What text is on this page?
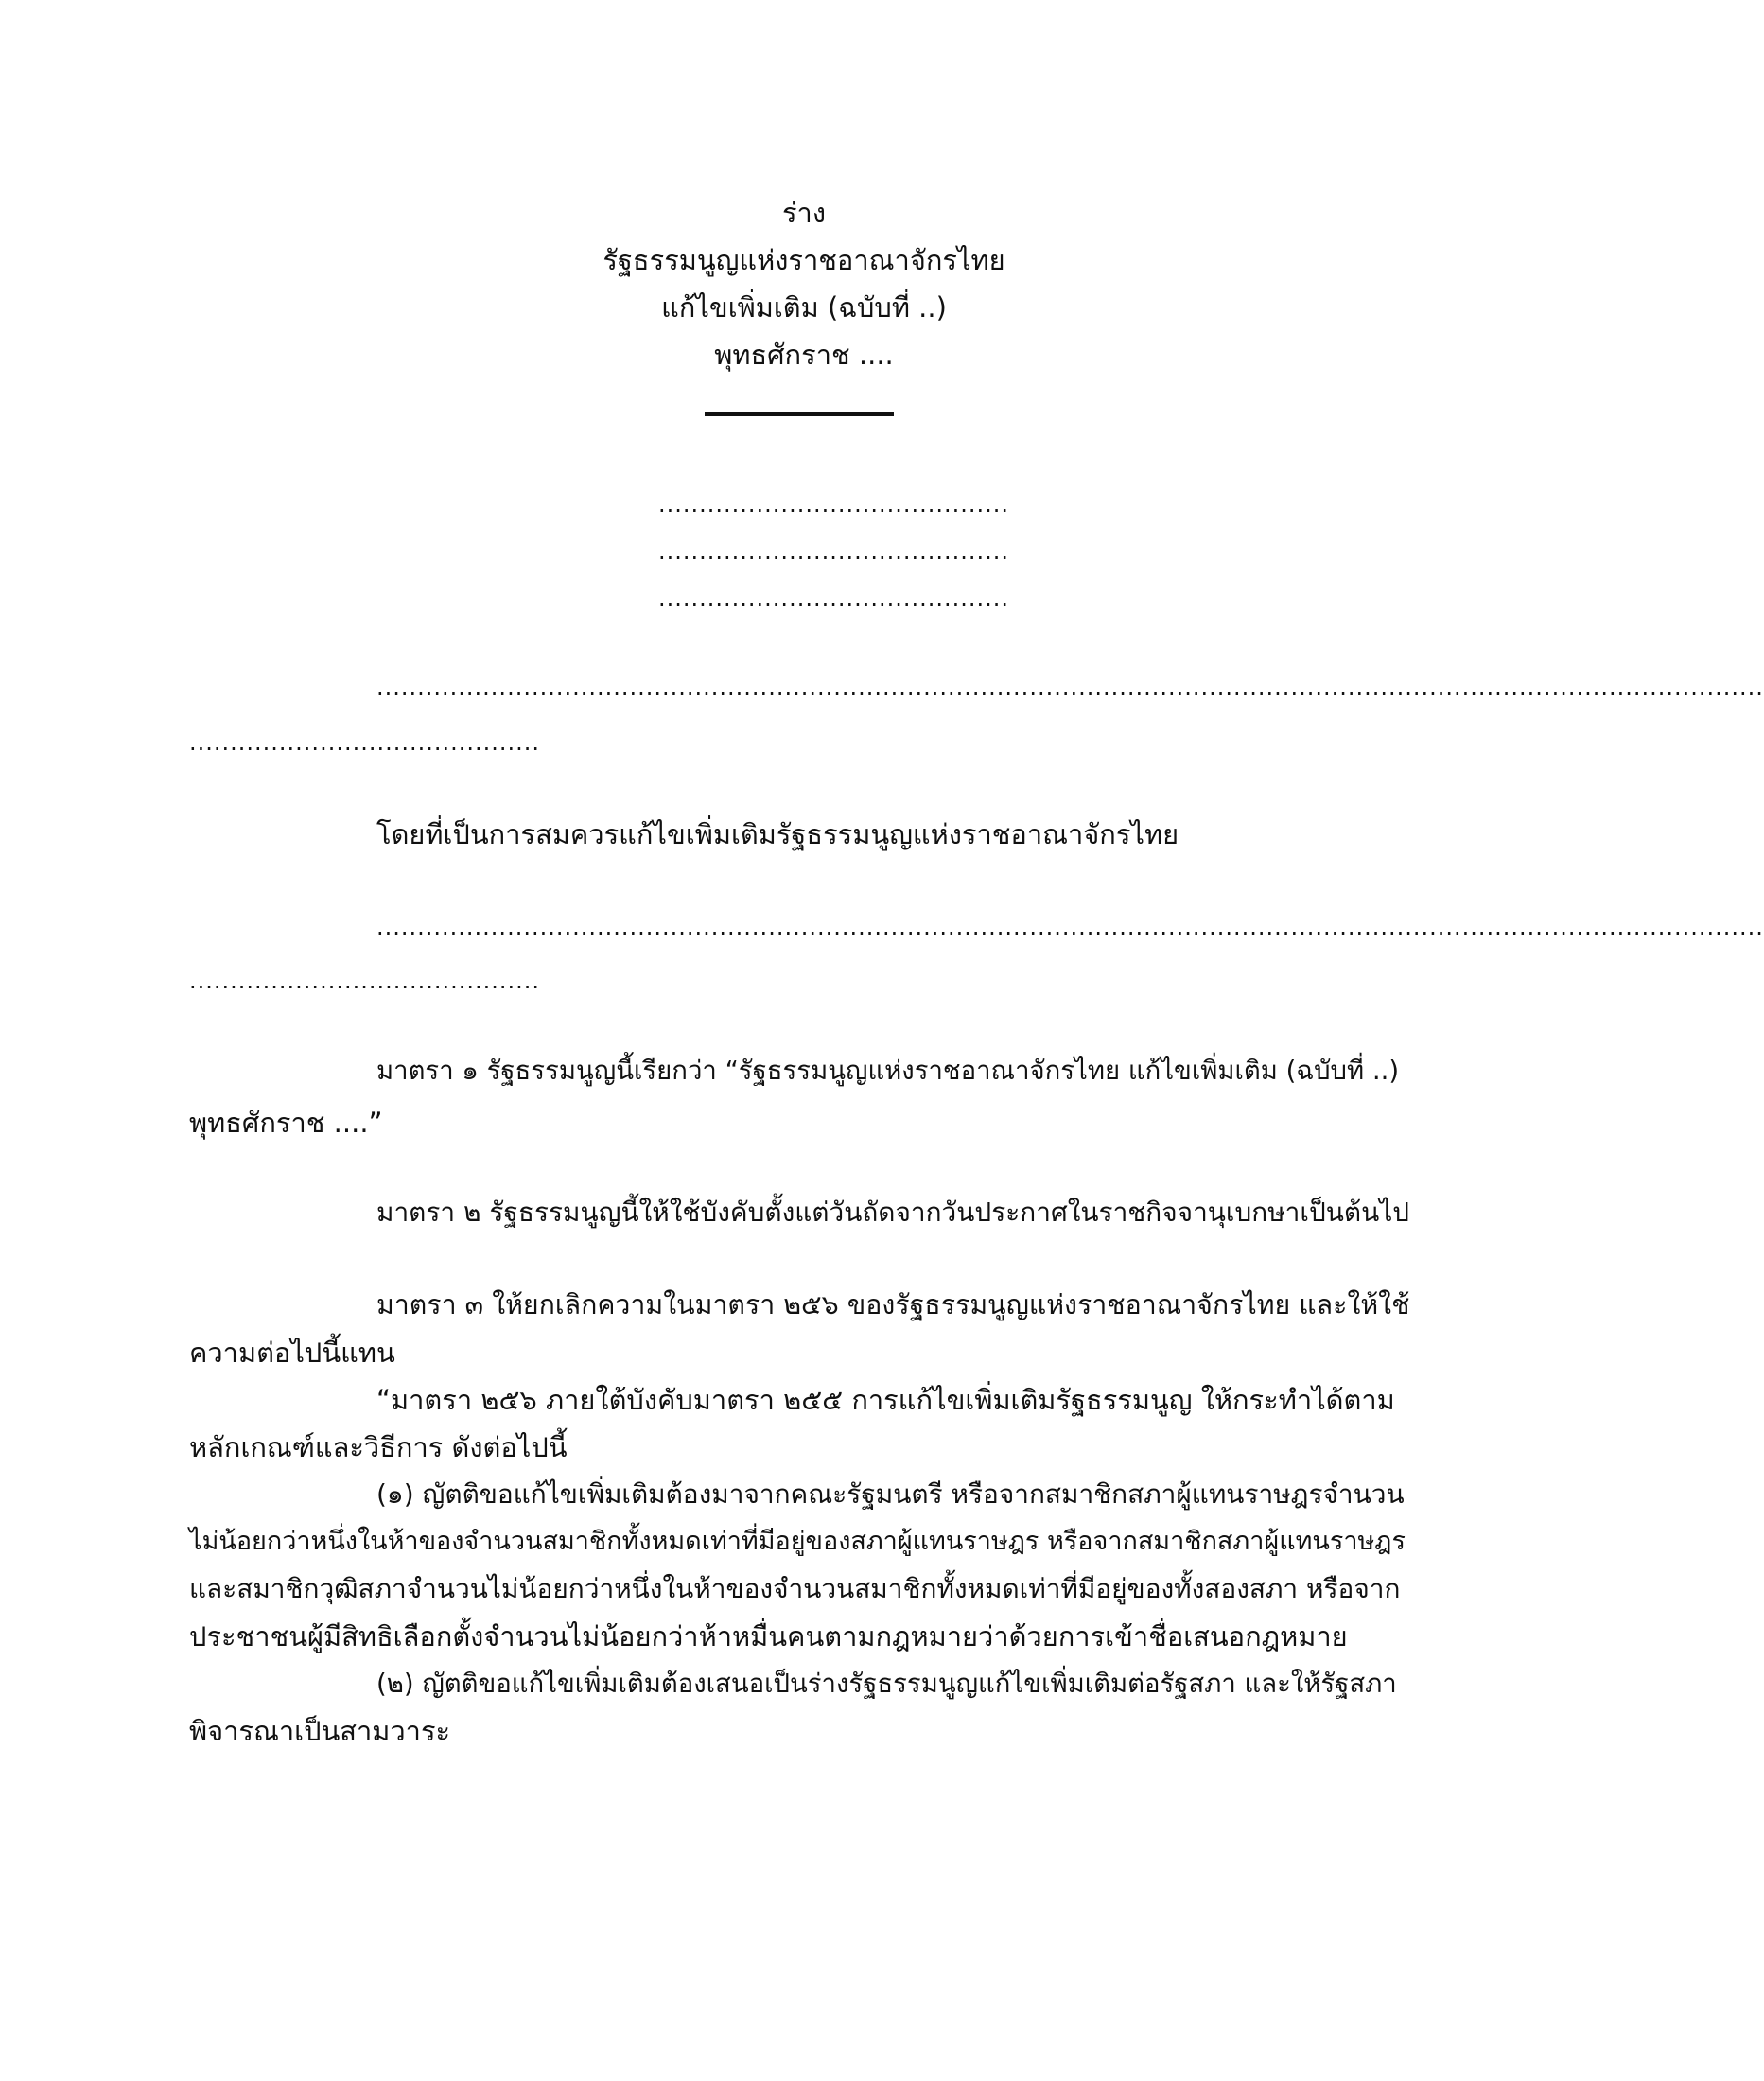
ร่าง
รัฐธรรมนูญแห่งราชอาณาจักรไทย
แก้ไขเพิ่มเติม (ฉบับที่ ..)
พุทธศักราช ....
...........................................
...........................................
...........................................
..........................................................................................................................................................................
...........................................
โดยที่เป็นการสมควรแก้ไขเพิ่มเติมรัฐธรรมนูญแห่งราชอาณาจักรไทย
..........................................................................................................................................................................
...........................................
มาตรา ๑ รัฐธรรมนูญนี้เรียกว่า “รัฐธรรมนูญแห่งราชอาณาจักรไทย แก้ไขเพิ่มเติม (ฉบับที่ ..)
พุทธศักราช ....”
มาตรา ๒ รัฐธรรมนูญนี้ให้ใช้บังคับตั้งแต่วันถัดจากวันประกาศในราชกิจจานุเบกษาเป็นต้นไป
มาตรา ๓ ให้ยกเลิกความในมาตรา ๒๕๖ ของรัฐธรรมนูญแห่งราชอาณาจักรไทย และให้ใช้
ความต่อไปนี้แทน
“มาตรา ๒๕๖ ภายใต้บังคับมาตรา ๒๕๕ การแก้ไขเพิ่มเติมรัฐธรรมนูญ ให้กระทำได้ตาม
หลักเกณฑ์และวิธีการ ดังต่อไปนี้
(๑) ญัตติขอแก้ไขเพิ่มเติมต้องมาจากคณะรัฐมนตรี หรือจากสมาชิกสภาผู้แทนราษฎรจำนวน
ไม่น้อยกว่าหนึ่งในห้าของจำนวนสมาชิกทั้งหมดเท่าที่มีอยู่ของสภาผู้แทนราษฎร หรือจากสมาชิกสภาผู้แทนราษฎร
และสมาชิกวุฒิสภาจำนวนไม่น้อยกว่าหนึ่งในห้าของจำนวนสมาชิกทั้งหมดเท่าที่มีอยู่ของทั้งสองสภา หรือจาก
ประชาชนผู้มีสิทธิเลือกตั้งจำนวนไม่น้อยกว่าห้าหมื่นคนตามกฎหมายว่าด้วยการเข้าชื่อเสนอกฎหมาย
(๒) ญัตติขอแก้ไขเพิ่มเติมต้องเสนอเป็นร่างรัฐธรรมนูญแก้ไขเพิ่มเติมต่อรัฐสภา และให้รัฐสภา
พิจารณาเป็นสามวาระ
